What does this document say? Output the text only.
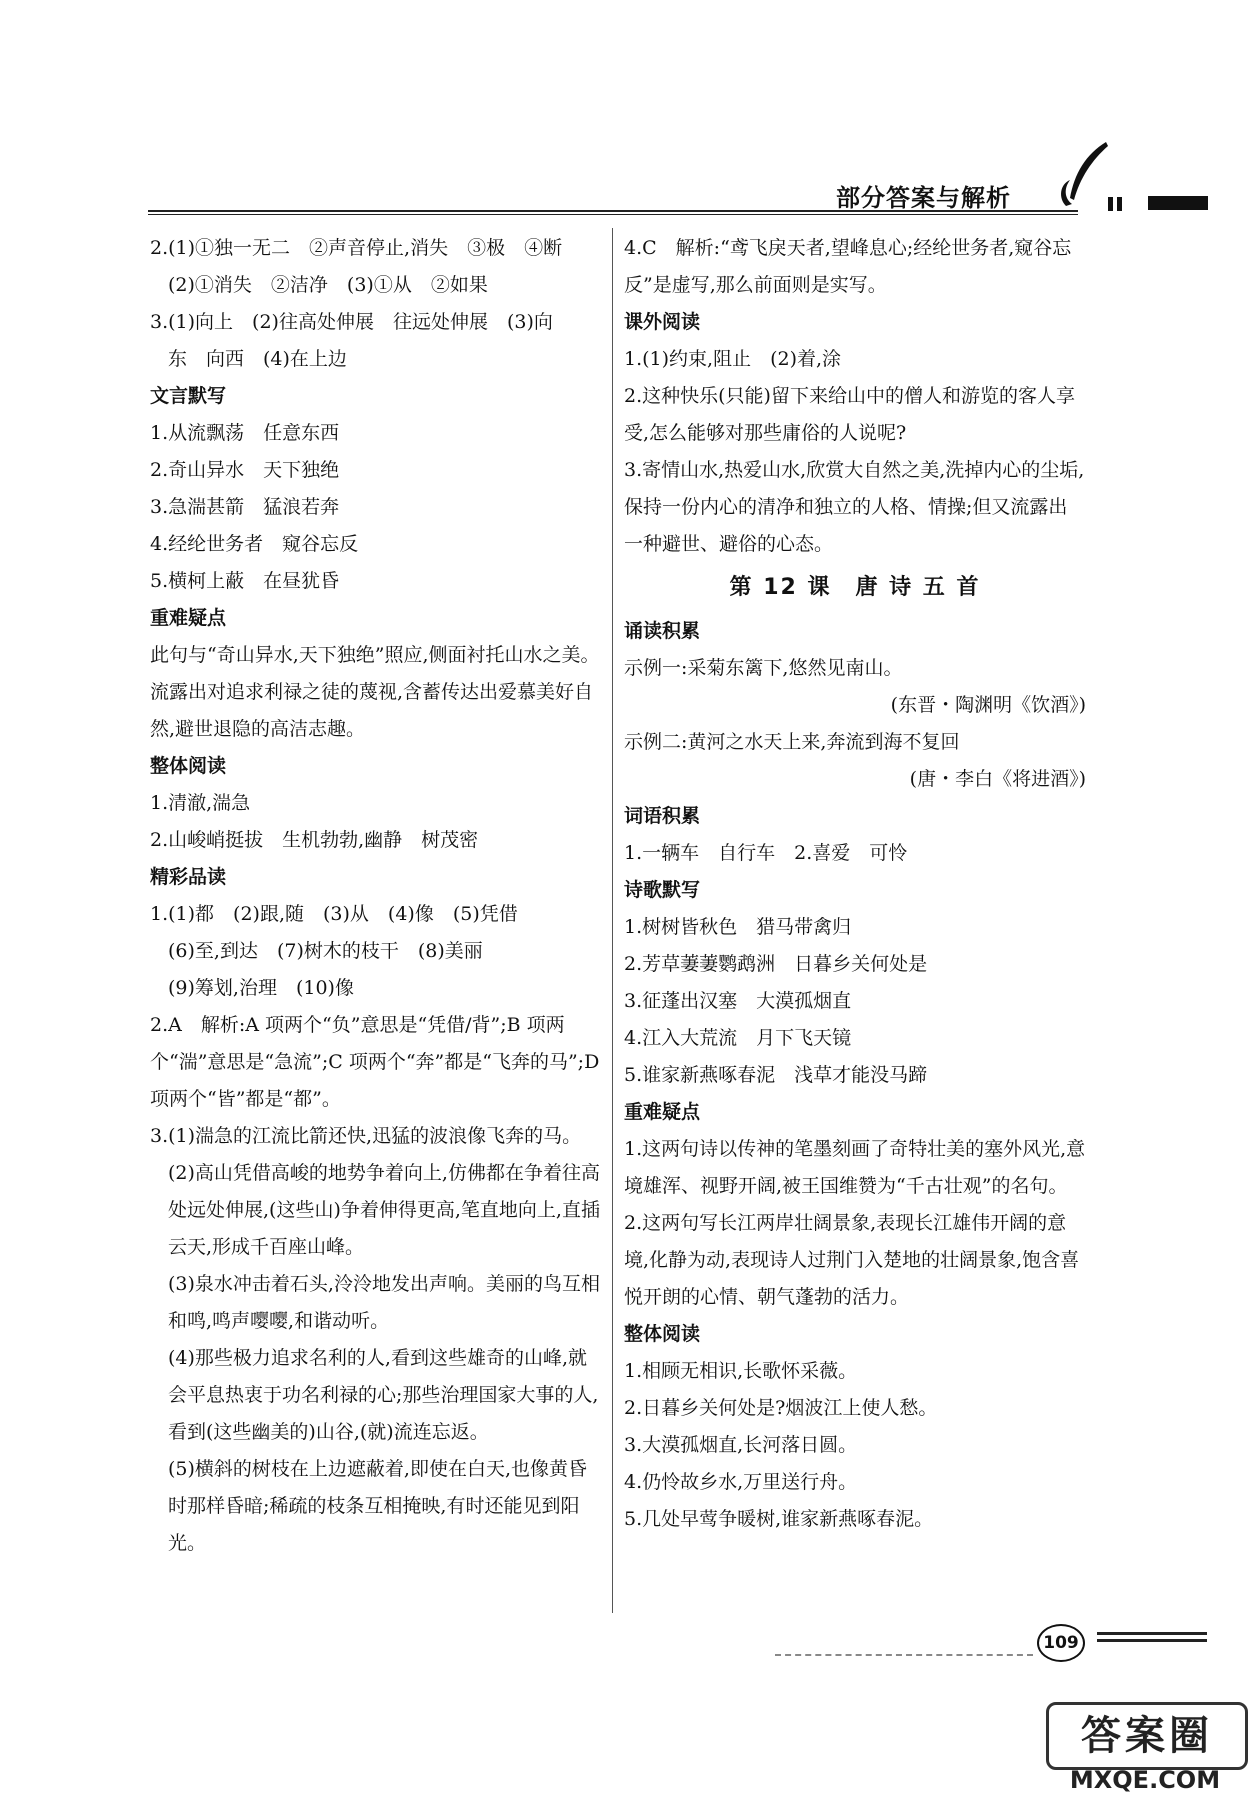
部分答案与解析
2.(1)①独一无二　②声音停止,消失　③极　④断
(2)①消失　②洁净　(3)①从　②如果
3.(1)向上　(2)往高处伸展　往远处伸展　(3)向
东　向西　(4)在上边
文言默写
1.从流飘荡　任意东西
2.奇山异水　天下独绝
3.急湍甚箭　猛浪若奔
4.经纶世务者　窥谷忘反
5.横柯上蔽　在昼犹昏
重难疑点
此句与“奇山异水,天下独绝”照应,侧面衬托山水之美。流露出对追求利禄之徒的蔑视,含蓄传达出爱慕美好自然,避世退隐的高洁志趣。
整体阅读
1.清澈,湍急
2.山峻峭挺拔　生机勃勃,幽静　树茂密
精彩品读
1.(1)都　(2)跟,随　(3)从　(4)像　(5)凭借
(6)至,到达　(7)树木的枝干　(8)美丽
(9)筹划,治理　(10)像
2.A　解析:A 项两个“负”意思是“凭借/背”;B 项两个“湍”意思是“急流”;C 项两个“奔”都是“飞奔的马”;D 项两个“皆”都是“都”。
3.(1)湍急的江流比箭还快,迅猛的波浪像飞奔的马。
(2)高山凭借高峻的地势争着向上,仿佛都在争着往高处远处伸展,(这些山)争着伸得更高,笔直地向上,直插云天,形成千百座山峰。
(3)泉水冲击着石头,泠泠地发出声响。美丽的鸟互相和鸣,鸣声嘤嘤,和谐动听。
(4)那些极力追求名利的人,看到这些雄奇的山峰,就会平息热衷于功名利禄的心;那些治理国家大事的人,看到(这些幽美的)山谷,(就)流连忘返。
(5)横斜的树枝在上边遮蔽着,即使在白天,也像黄昏时那样昏暗;稀疏的枝条互相掩映,有时还能见到阳光。
4.C　解析:“鸢飞戾天者,望峰息心;经纶世务者,窥谷忘反”是虚写,那么前面则是实写。
课外阅读
1.(1)约束,阻止　(2)着,涂
2.这种快乐(只能)留下来给山中的僧人和游览的客人享受,怎么能够对那些庸俗的人说呢?
3.寄情山水,热爱山水,欣赏大自然之美,洗掉内心的尘垢,保持一份内心的清净和独立的人格、情操;但又流露出一种避世、避俗的心态。
第 12 课　唐 诗 五 首
诵读积累
示例一:采菊东篱下,悠然见南山。
(东晋・陶渊明《饮酒》)
示例二:黄河之水天上来,奔流到海不复回
(唐・李白《将进酒》)
词语积累
1.一辆车　自行车　2.喜爱　可怜
诗歌默写
1.树树皆秋色　猎马带禽归
2.芳草萋萋鹦鹉洲　日暮乡关何处是
3.征蓬出汉塞　大漠孤烟直
4.江入大荒流　月下飞天镜
5.谁家新燕啄春泥　浅草才能没马蹄
重难疑点
1.这两句诗以传神的笔墨刻画了奇特壮美的塞外风光,意境雄浑、视野开阔,被王国维赞为“千古壮观”的名句。
2.这两句写长江两岸壮阔景象,表现长江雄伟开阔的意境,化静为动,表现诗人过荆门入楚地的壮阔景象,饱含喜悦开朗的心情、朝气蓬勃的活力。
整体阅读
1.相顾无相识,长歌怀采薇。
2.日暮乡关何处是?烟波江上使人愁。
3.大漠孤烟直,长河落日圆。
4.仍怜故乡水,万里送行舟。
5.几处早莺争暖树,谁家新燕啄春泥。
109
答案圈
MXQE.COM
